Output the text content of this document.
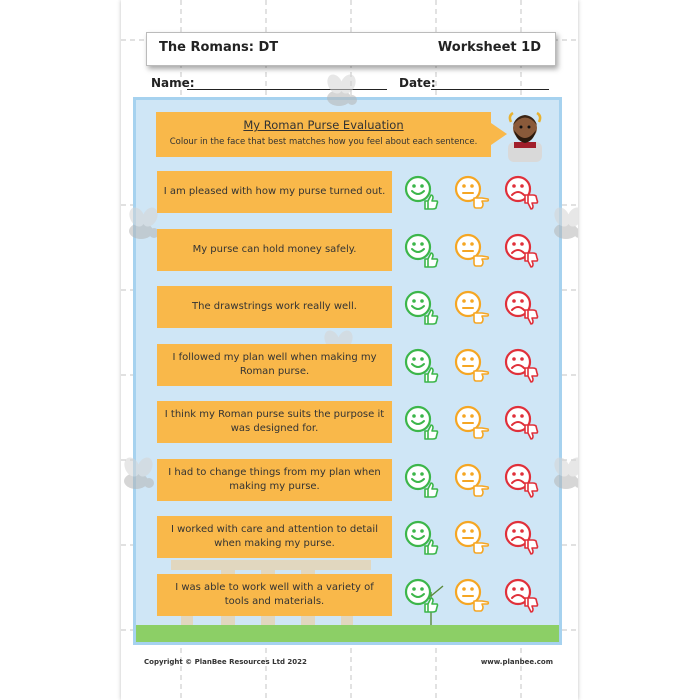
The Romans: DT	Worksheet 1D
Name:	Date:
My Roman Purse Evaluation
Colour in the face that best matches how you feel about each sentence.
Copyright © PlanBee Resources Ltd 2022	www.planbee.com
I am pleased with how my purse turned out.
My purse can hold money safely.
The drawstrings work really well.
I followed my plan well when making my Roman purse.
I think my Roman purse suits the purpose it was designed for.
I had to change things from my plan when making my purse.
I worked with care and attention to detail when making my purse.
I was able to work well with a variety of tools and materials.
